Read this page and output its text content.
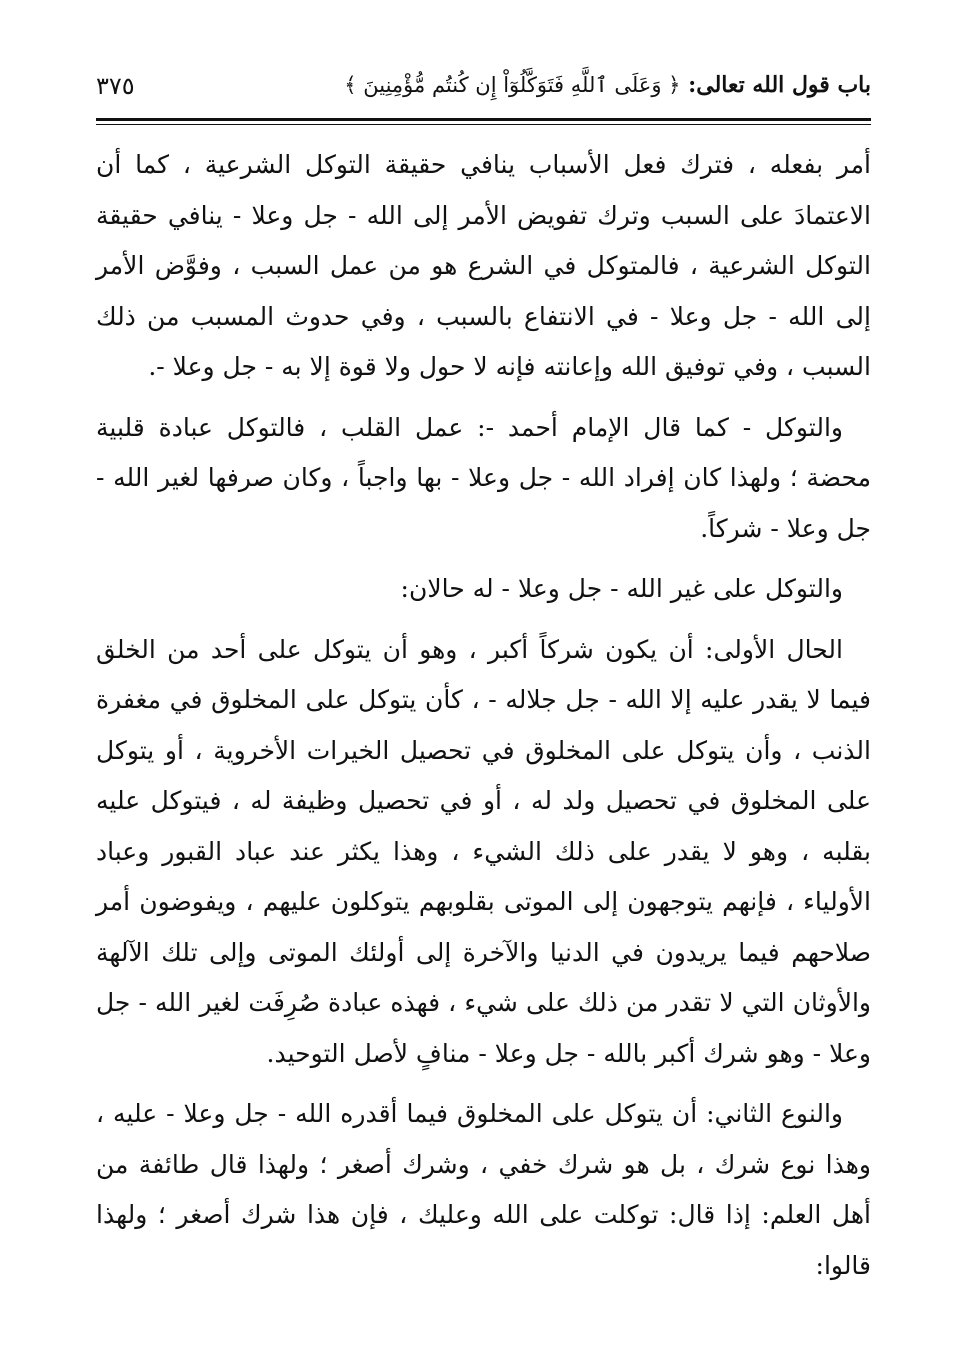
باب قول الله تعالى: ﴿ وَعَلَى ٱللَّهِ فَتَوَكَّلُوٓاْ إِن كُنتُم مُّؤْمِنِينَ ﴾
٣٧٥

أمر بفعله ، فترك فعل الأسباب ينافي حقيقة التوكل الشرعية ، كما أن الاعتمادَ على السبب وترك تفويض الأمر إلى الله - جل وعلا - ينافي حقيقة التوكل الشرعية ، فالمتوكل في الشرع هو من عمل السبب ، وفوَّض الأمر إلى الله - جل وعلا - في الانتفاع بالسبب ، وفي حدوث المسبب من ذلك السبب ، وفي توفيق الله وإعانته فإنه لا حول ولا قوة إلا به - جل وعلا -.

والتوكل - كما قال الإمام أحمد -: عمل القلب ، فالتوكل عبادة قلبية محضة ؛ ولهذا كان إفراد الله - جل وعلا - بها واجباً ، وكان صرفها لغير الله - جل وعلا - شركاً.

والتوكل على غير الله - جل وعلا - له حالان:

الحال الأولى: أن يكون شركاً أكبر ، وهو أن يتوكل على أحد من الخلق فيما لا يقدر عليه إلا الله - جل جلاله - ، كأن يتوكل على المخلوق في مغفرة الذنب ، وأن يتوكل على المخلوق في تحصيل الخيرات الأخروية ، أو يتوكل على المخلوق في تحصيل ولد له ، أو في تحصيل وظيفة له ، فيتوكل عليه بقلبه ، وهو لا يقدر على ذلك الشيء ، وهذا يكثر عند عباد القبور وعباد الأولياء ، فإنهم يتوجهون إلى الموتى بقلوبهم يتوكلون عليهم ، ويفوضون أمر صلاحهم فيما يريدون في الدنيا والآخرة إلى أولئك الموتى وإلى تلك الآلهة والأوثان التي لا تقدر من ذلك على شيء ، فهذه عبادة صُرِفَت لغير الله - جل وعلا - وهو شرك أكبر بالله - جل وعلا - منافٍ لأصل التوحيد.

والنوع الثاني: أن يتوكل على المخلوق فيما أقدره الله - جل وعلا - عليه ، وهذا نوع شرك ، بل هو شرك خفي ، وشرك أصغر ؛ ولهذا قال طائفة من أهل العلم: إذا قال: توكلت على الله وعليك ، فإن هذا شرك أصغر ؛ ولهذا قالوا:
